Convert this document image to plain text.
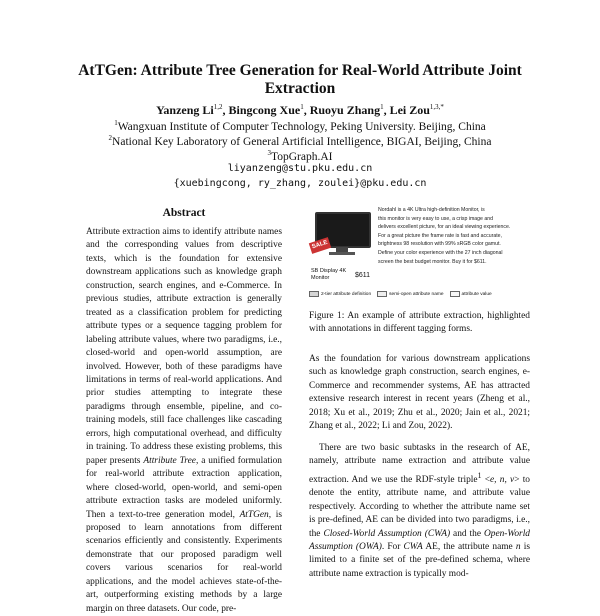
AtTGen: Attribute Tree Generation for Real-World Attribute Joint Extraction
Yanzeng Li$^{1,2}$, Bingcong Xue$^1$, Ruoyu Zhang$^1$, Lei Zou$^{1,3,*}$
$^1$Wangxuan Institute of Computer Technology, Peking University. Beijing, China
$^2$National Key Laboratory of General Artificial Intelligence, BIGAI, Beijing, China
$^3$TopGraph.AI
liyanzeng@stu.pku.edu.cn
{xuebingcong, ry_zhang, zoulei}@pku.edu.cn
Abstract
Attribute extraction aims to identify attribute names and the corresponding values from descriptive texts, which is the foundation for extensive downstream applications such as knowledge graph construction, search engines, and e-Commerce. In previous studies, attribute extraction is generally treated as a classification problem for predicting attribute types or a sequence tagging problem for labeling attribute values, where two paradigms, i.e., closed-world and open-world assumption, are involved. However, both of these paradigms have limitations in terms of real-world applications. And prior studies attempting to integrate these paradigms through ensemble, pipeline, and co-training models, still face challenges like cascading errors, high computational overhead, and difficulty in training. To address these existing problems, this paper presents Attribute Tree, a unified formulation for real-world attribute extraction application, where closed-world, open-world, and semi-open attribute extraction tasks are modeled uniformly. Then a text-to-tree generation model, AtTGen, is proposed to learn annotations from different scenarios efficiently and consistently. Experiments demonstrate that our proposed paradigm well covers various scenarios for real-world applications, and the model achieves state-of-the-art, outperforming existing methods by a large margin on three datasets. Our code, pre-
SALE
SB Display 4K Monitor	$611
Nordahl is a 4K Ultra high-definition Monitor, is
this monitor is very easy to use, a crisp image and
delivers excellent picture, for an ideal viewing experience.
For a great picture the frame rate is fast and accurate,
brightness 98 resolution with 99% sRGB color gamut.
Define your color experience with the 27 inch diagonal
screen the best budget monitor. Buy it for $611.
2-tier attribute definition	semi-open attribute name	attribute value
Figure 1: An example of attribute extraction, highlighted with annotations in different tagging forms.

As the foundation for various downstream applications such as knowledge graph construction, search engines, e-Commerce and recommender systems, AE has attracted extensive research interest in recent years (Zheng et al., 2018; Xu et al., 2019; Zhu et al., 2020; Jain et al., 2021; Zhang et al., 2022; Li and Zou, 2022).

There are two basic subtasks in the research of AE, namely, attribute name extraction and attribute value extraction. And we use the RDF-style triple$^1$ <e, n, v> to denote the entity, attribute name, and attribute value respectively. According to whether the attribute name set is pre-defined, AE can be divided into two paradigms, i.e., the Closed-World Assumption (CWA) and the Open-World Assumption (OWA). For CWA AE, the attribute name n is limited to a finite set of the pre-defined schema, where attribute name extraction is typically mod-
